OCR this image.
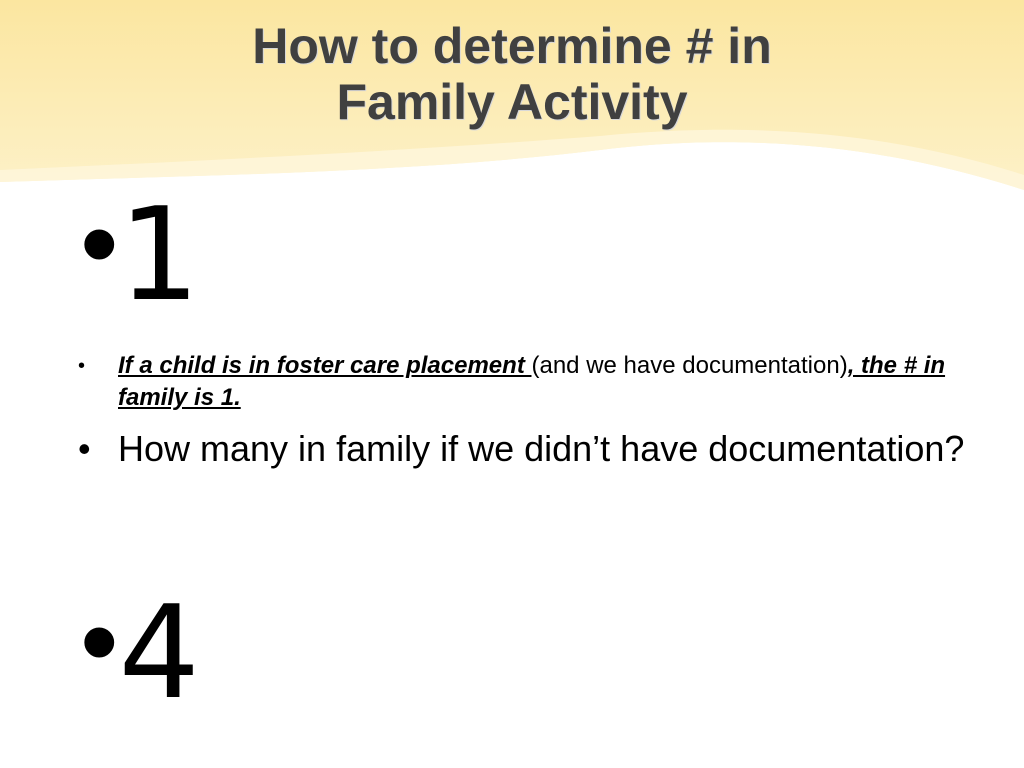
How to determine # in
Family Activity
•1
• If a child is in foster care placement (and we have documentation), the # in family is 1.
• How many in family if we didn’t have documentation?
•4
